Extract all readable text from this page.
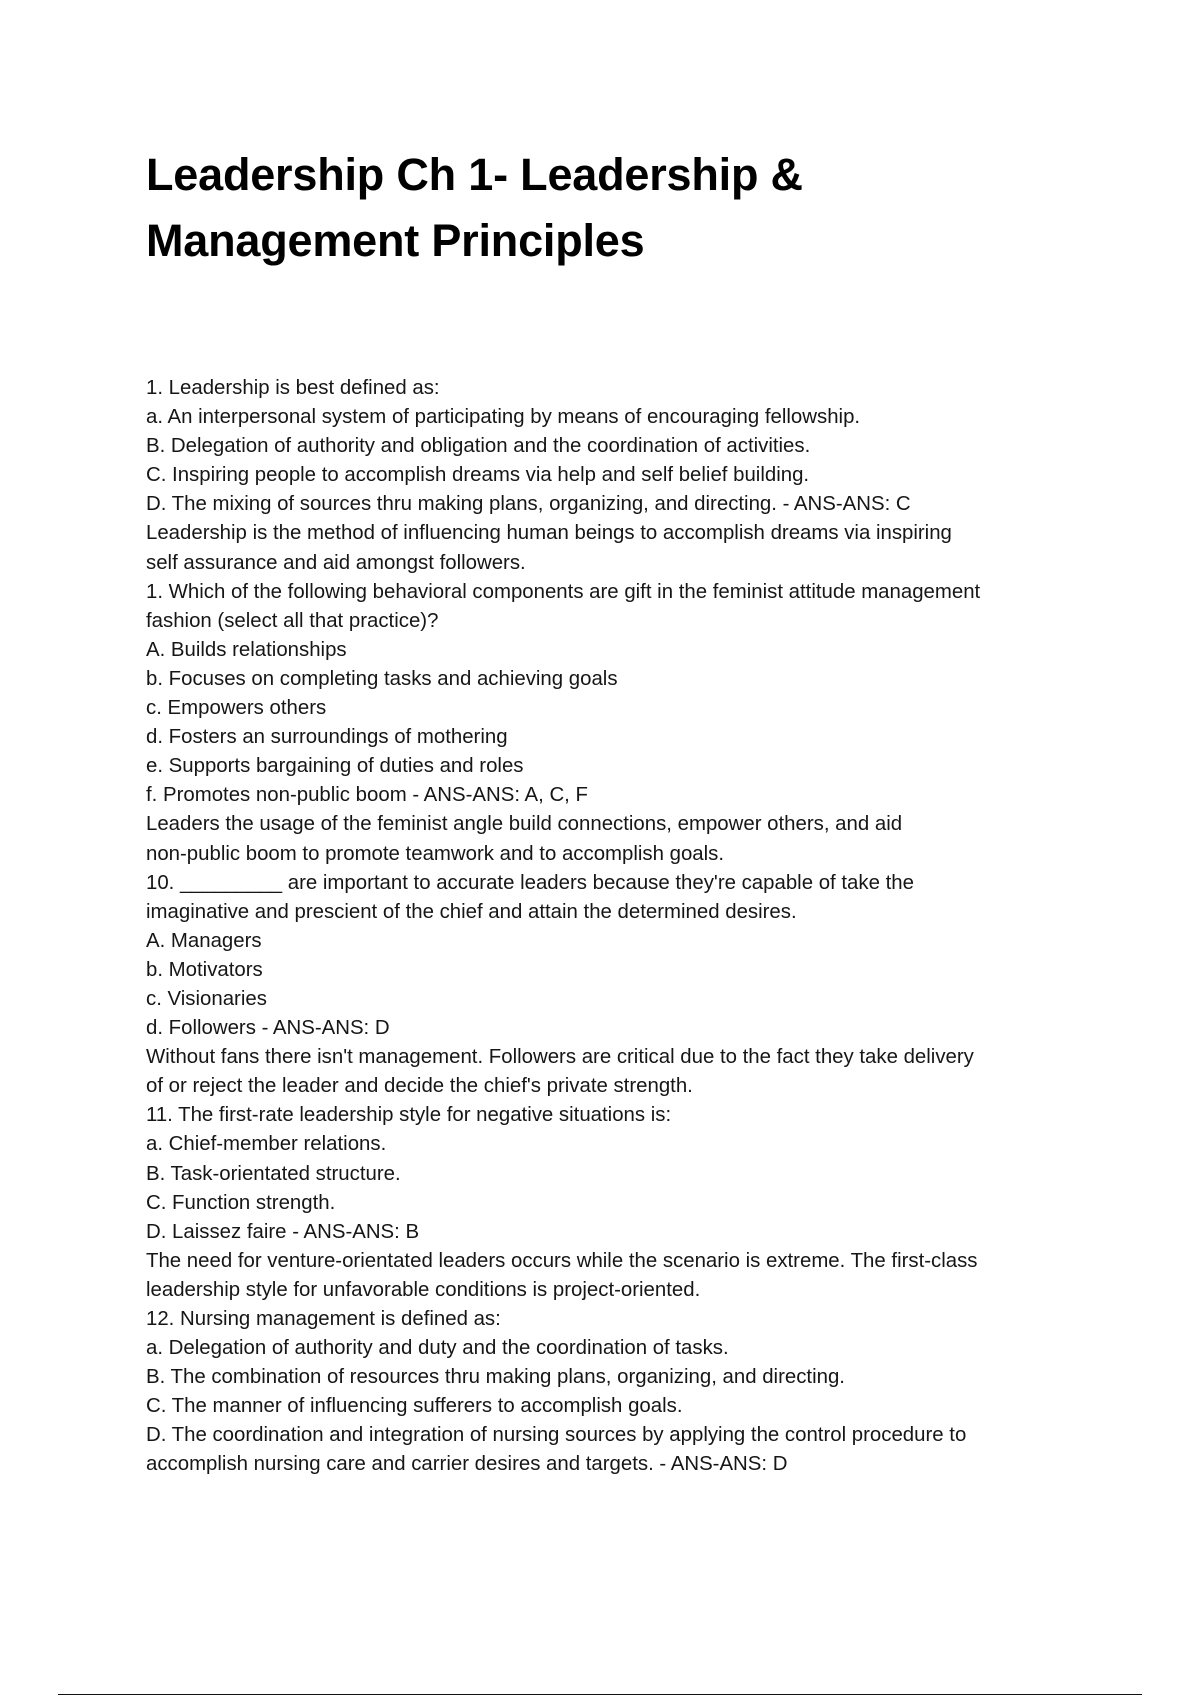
Leadership Ch 1- Leadership &
Management Principles
1. Leadership is best defined as:
a. An interpersonal system of participating by means of encouraging fellowship.
B. Delegation of authority and obligation and the coordination of activities.
C. Inspiring people to accomplish dreams via help and self belief building.
D. The mixing of sources thru making plans, organizing, and directing. - ANS-ANS: C
Leadership is the method of influencing human beings to accomplish dreams via inspiring
self assurance and aid amongst followers.
1. Which of the following behavioral components are gift in the feminist attitude management
fashion (select all that practice)?
A. Builds relationships
b. Focuses on completing tasks and achieving goals
c. Empowers others
d. Fosters an surroundings of mothering
e. Supports bargaining of duties and roles
f. Promotes non-public boom - ANS-ANS: A, C, F
Leaders the usage of the feminist angle build connections, empower others, and aid
non-public boom to promote teamwork and to accomplish goals.
10. _________ are important to accurate leaders because they're capable of take the
imaginative and prescient of the chief and attain the determined desires.
A. Managers
b. Motivators
c. Visionaries
d. Followers - ANS-ANS: D
Without fans there isn't management. Followers are critical due to the fact they take delivery
of or reject the leader and decide the chief's private strength.
11. The first-rate leadership style for negative situations is:
a. Chief-member relations.
B. Task-orientated structure.
C. Function strength.
D. Laissez faire - ANS-ANS: B
The need for venture-orientated leaders occurs while the scenario is extreme. The first-class
leadership style for unfavorable conditions is project-oriented.
12. Nursing management is defined as:
a. Delegation of authority and duty and the coordination of tasks.
B. The combination of resources thru making plans, organizing, and directing.
C. The manner of influencing sufferers to accomplish goals.
D. The coordination and integration of nursing sources by applying the control procedure to
accomplish nursing care and carrier desires and targets. - ANS-ANS: D
